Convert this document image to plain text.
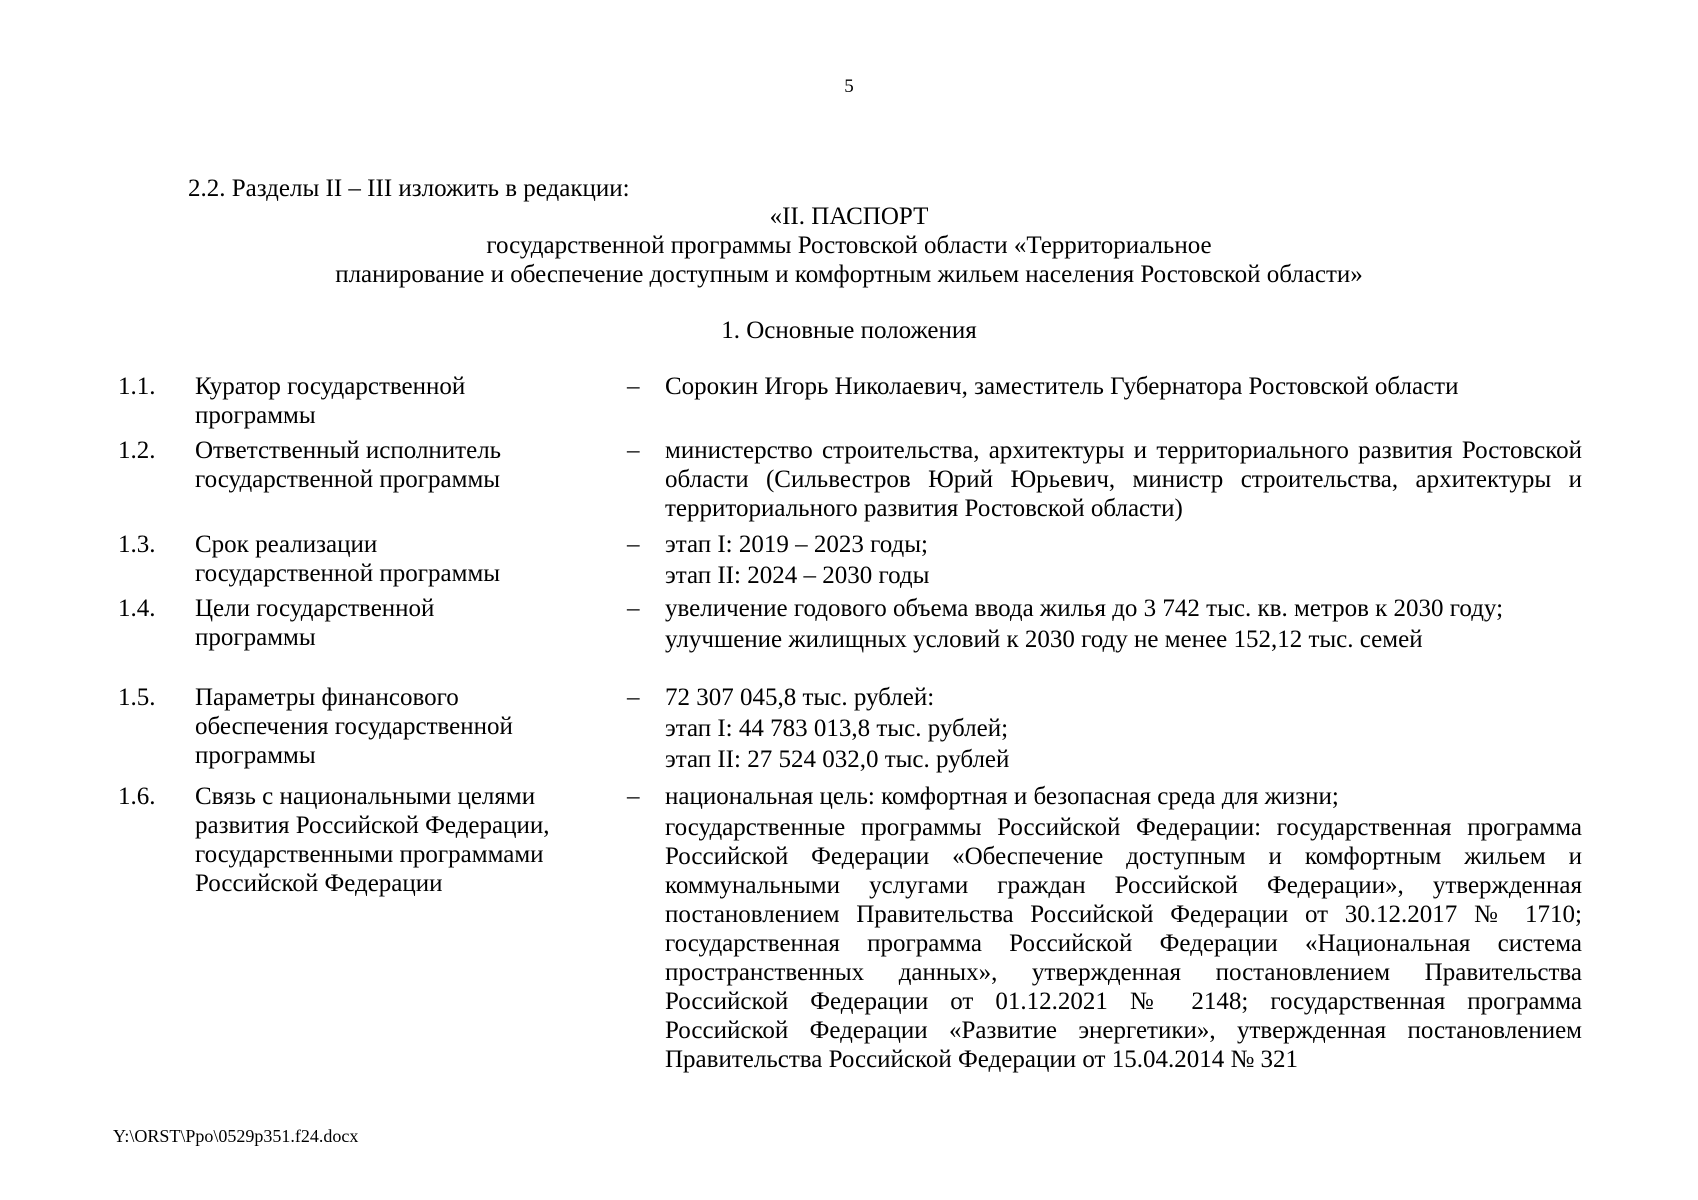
5
2.2. Разделы II – III изложить в редакции:
«II. ПАСПОРТ
государственной программы Ростовской области «Территориальное
планирование и обеспечение доступным и комфортным жильем населения Ростовской области»
1. Основные положения
1.1. Куратор государственной
программы
– Сорокин Игорь Николаевич, заместитель Губернатора Ростовской области
1.2. Ответственный исполнитель
государственной программы
– министерство строительства, архитектуры и территориального развития Ростовской области (Сильвестров Юрий Юрьевич, министр строительства, архитектуры и территориального развития Ростовской области)
1.3. Срок реализации
государственной программы
– этап I: 2019 – 2023 годы;
этап II: 2024 – 2030 годы
1.4. Цели государственной
программы
– увеличение годового объема ввода жилья до 3 742 тыс. кв. метров к 2030 году;
улучшение жилищных условий к 2030 году не менее 152,12 тыс. семей
1.5. Параметры финансового
обеспечения государственной
программы
– 72 307 045,8 тыс. рублей:
этап I: 44 783 013,8 тыс. рублей;
этап II: 27 524 032,0 тыс. рублей
1.6. Связь с национальными целями
развития Российской Федерации,
государственными программами
Российской Федерации
– национальная цель: комфортная и безопасная среда для жизни;
государственные программы Российской Федерации: государственная программа Российской Федерации «Обеспечение доступным и комфортным жильем и коммунальными услугами граждан Российской Федерации», утвержденная постановлением Правительства Российской Федерации от 30.12.2017 № 1710; государственная программа Российской Федерации «Национальная система пространственных данных», утвержденная постановлением Правительства Российской Федерации от 01.12.2021 № 2148; государственная программа Российской Федерации «Развитие энергетики», утвержденная постановлением Правительства Российской Федерации от 15.04.2014 № 321
Y:\ORST\Ppo\0529p351.f24.docx
